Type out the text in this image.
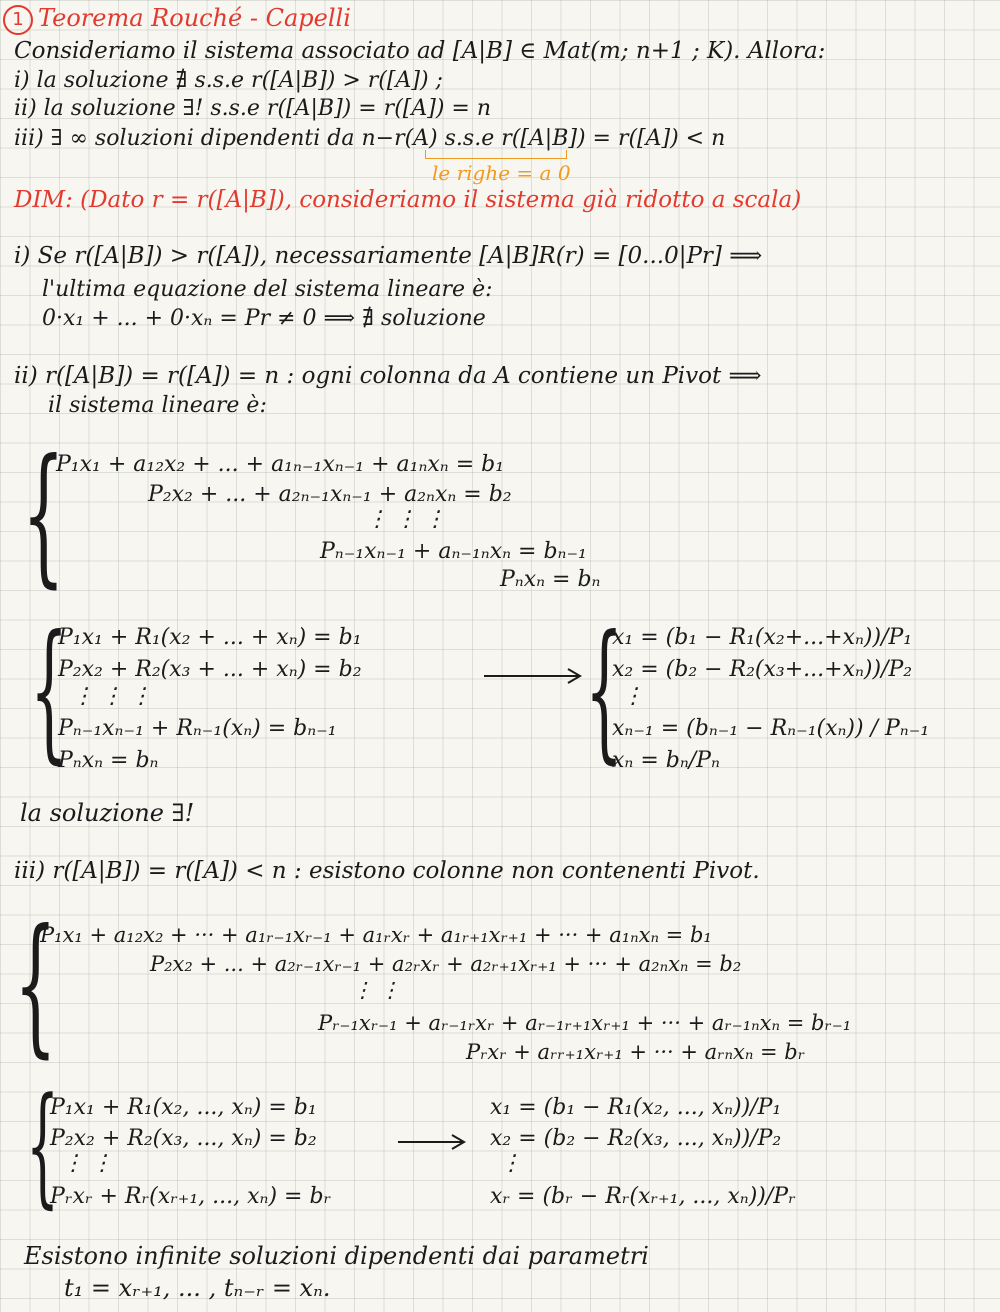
1 Teorema Rouché - Capelli
Consideriamo il sistema associato ad [A|B] ∈ Mat(m; n+1 ; K). Allora:
i) la soluzione ∄ s.s.e r([A|B]) > r([A]) ;
ii) la soluzione ∃! s.s.e r([A|B]) = r([A]) = n
iii) ∃ ∞ soluzioni dipendenti da n−r(A) s.s.e r([A|B]) = r([A]) < n
le righe = a 0
DIM: (Dato r = r([A|B]), consideriamo il sistema già ridotto a scala)
i) Se r([A|B]) > r([A]), necessariamente [A|B]R(r) = [0...0|Pr] ⟹
l'ultima equazione del sistema lineare è:
0·x₁ + ... + 0·xₙ = Pr ≠ 0 ⟹ ∄ soluzione
ii) r([A|B]) = r([A]) = n : ogni colonna da A contiene un Pivot ⟹
il sistema lineare è:
{
P₁x₁ + a₁₂x₂ + ... + a₁ₙ₋₁xₙ₋₁ + a₁ₙxₙ = b₁
P₂x₂ + ... + a₂ₙ₋₁xₙ₋₁ + a₂ₙxₙ = b₂
⋮ ⋮ ⋮
Pₙ₋₁xₙ₋₁ + aₙ₋₁ₙxₙ = bₙ₋₁
Pₙxₙ = bₙ
{
P₁x₁ + R₁(x₂ + ... + xₙ) = b₁
P₂x₂ + R₂(x₃ + ... + xₙ) = b₂
⋮ ⋮ ⋮
Pₙ₋₁xₙ₋₁ + Rₙ₋₁(xₙ) = bₙ₋₁
Pₙxₙ = bₙ	{
x₁ = (b₁ − R₁(x₂+...+xₙ))/P₁
x₂ = (b₂ − R₂(x₃+...+xₙ))/P₂
⋮
xₙ₋₁ = (bₙ₋₁ − Rₙ₋₁(xₙ)) / Pₙ₋₁
xₙ = bₙ/Pₙ
la soluzione ∃!
iii) r([A|B]) = r([A]) < n : esistono colonne non contenenti Pivot.
{
P₁x₁ + a₁₂x₂ + ··· + a₁ᵣ₋₁xᵣ₋₁ + a₁ᵣxᵣ + a₁ᵣ₊₁xᵣ₊₁ + ··· + a₁ₙxₙ = b₁
P₂x₂ + ... + a₂ᵣ₋₁xᵣ₋₁ + a₂ᵣxᵣ + a₂ᵣ₊₁xᵣ₊₁ + ··· + a₂ₙxₙ = b₂
⋮ ⋮
Pᵣ₋₁xᵣ₋₁ + aᵣ₋₁ᵣxᵣ + aᵣ₋₁ᵣ₊₁xᵣ₊₁ + ··· + aᵣ₋₁ₙxₙ = bᵣ₋₁
Pᵣxᵣ + aᵣᵣ₊₁xᵣ₊₁ + ··· + aᵣₙxₙ = bᵣ
{
P₁x₁ + R₁(x₂, ..., xₙ) = b₁
P₂x₂ + R₂(x₃, ..., xₙ) = b₂
⋮ ⋮
Pᵣxᵣ + Rᵣ(xᵣ₊₁, ..., xₙ) = bᵣ
x₁ = (b₁ − R₁(x₂, ..., xₙ))/P₁
x₂ = (b₂ − R₂(x₃, ..., xₙ))/P₂
⋮
xᵣ = (bᵣ − Rᵣ(xᵣ₊₁, ..., xₙ))/Pᵣ
Esistono infinite soluzioni dipendenti dai parametri
t₁ = xᵣ₊₁, ... , tₙ₋ᵣ = xₙ.
